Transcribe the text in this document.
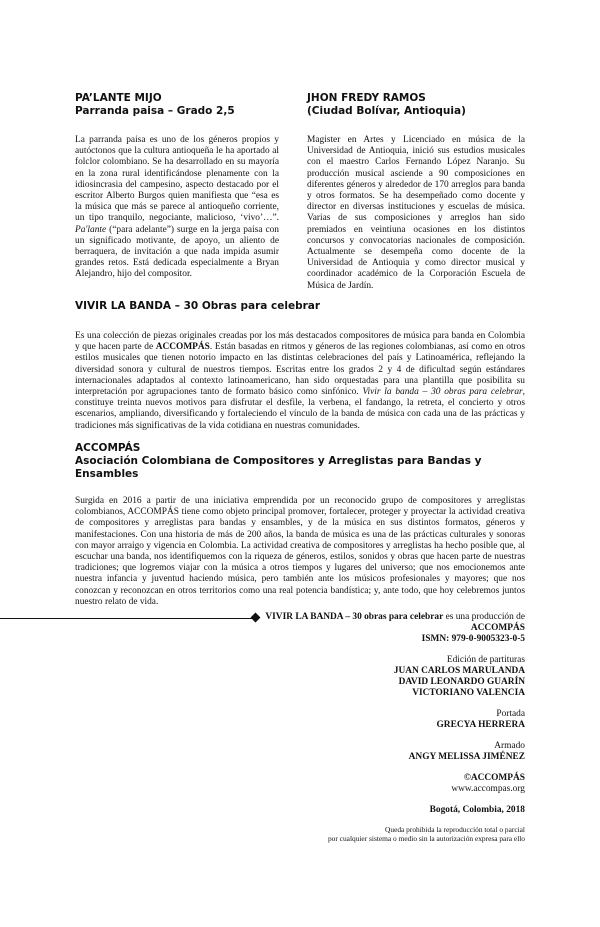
PA’LANTE MIJO
Parranda paisa – Grado 2,5

La parranda paisa es uno de los géneros propios y autóctonos que la cultura antioqueña le ha aportado al folclor colombiano. Se ha desarrollado en su mayoría en la zona rural identificándose plenamente con la idiosincrasia del campesino, aspecto destacado por el escritor Alberto Burgos quien manifiesta que “esa es la música que más se parece al antioqueño corriente, un tipo tranquilo, negociante, malicioso, ‘vivo’…”. Pa'lante (“para adelante”) surge en la jerga paisa con un significado motivante, de apoyo, un aliento de berraquera, de invitación a que nada impida asumir grandes retos. Está dedicada especialmente a Bryan Alejandro, hijo del compositor.

JHON FREDY RAMOS
(Ciudad Bolívar, Antioquia)

Magister en Artes y Licenciado en música de la Universidad de Antioquia, inició sus estudios musicales con el maestro Carlos Fernando López Naranjo. Su producción musical asciende a 90 composiciones en diferentes géneros y alrededor de 170 arreglos para banda y otros formatos. Se ha desempeñado como docente y director en diversas instituciones y escuelas de música. Varias de sus composiciones y arreglos han sido premiados en veintiuna ocasiones en los distintos concursos y convocatorias nacionales de composición. Actualmente se desempeña como docente de la Universidad de Antioquia y como director musical y coordinador académico de la Corporación Escuela de Música de Jardín.

VIVIR LA BANDA – 30 Obras para celebrar

Es una colección de piezas originales creadas por los más destacados compositores de música para banda en Colombia y que hacen parte de ACCOMPÁS. Están basadas en ritmos y géneros de las regiones colombianas, así como en otros estilos musicales que tienen notorio impacto en las distintas celebraciones del país y Latinoamérica, reflejando la diversidad sonora y cultural de nuestros tiempos. Escritas entre los grados 2 y 4 de dificultad según estándares internacionales adaptados al contexto latinoamericano, han sido orquestadas para una plantilla que posibilita su interpretación por agrupaciones tanto de formato básico como sinfónico. Vivir la banda – 30 obras para celebrar, constituye treinta nuevos motivos para disfrutar el desfile, la verbena, el fandango, la retreta, el concierto y otros escenarios, ampliando, diversificando y fortaleciendo el vínculo de la banda de música con cada una de las prácticas y tradiciones más significativas de la vida cotidiana en nuestras comunidades.

ACCOMPÁS
Asociación Colombiana de Compositores y Arreglistas para Bandas y Ensambles

Surgida en 2016 a partir de una iniciativa emprendida por un reconocido grupo de compositores y arreglistas colombianos, ACCOMPÁS tiene como objeto principal promover, fortalecer, proteger y proyectar la actividad creativa de compositores y arreglistas para bandas y ensambles, y de la música en sus distintos formatos, géneros y manifestaciones. Con una historia de más de 200 años, la banda de música es una de las prácticas culturales y sonoras con mayor arraigo y vigencia en Colombia. La actividad creativa de compositores y arreglistas ha hecho posible que, al escuchar una banda, nos identifiquemos con la riqueza de géneros, estilos, sonidos y obras que hacen parte de nuestras tradiciones; que logremos viajar con la música a otros tiempos y lugares del universo; que nos emocionemos ante nuestra infancia y juventud haciendo música, pero también ante los músicos profesionales y mayores; que nos conozcan y reconozcan en otros territorios como una real potencia bandística; y, ante todo, que hoy celebremos juntos nuestro relato de vida.

VIVIR LA BANDA – 30 obras para celebrar es una producción de
ACCOMPÁS
ISMN: 979-0-9005323-0-5
Edición de partituras
JUAN CARLOS MARULANDA
DAVID LEONARDO GUARÍN
VICTORIANO VALENCIA
Portada
GRECYA HERRERA
Armado
ANGY MELISSA JIMÉNEZ
©ACCOMPÁS
www.accompas.org
Bogotá, Colombia, 2018
Queda prohibida la reproducción total o parcial
por cualquier sistema o medio sin la autorización expresa para ello
